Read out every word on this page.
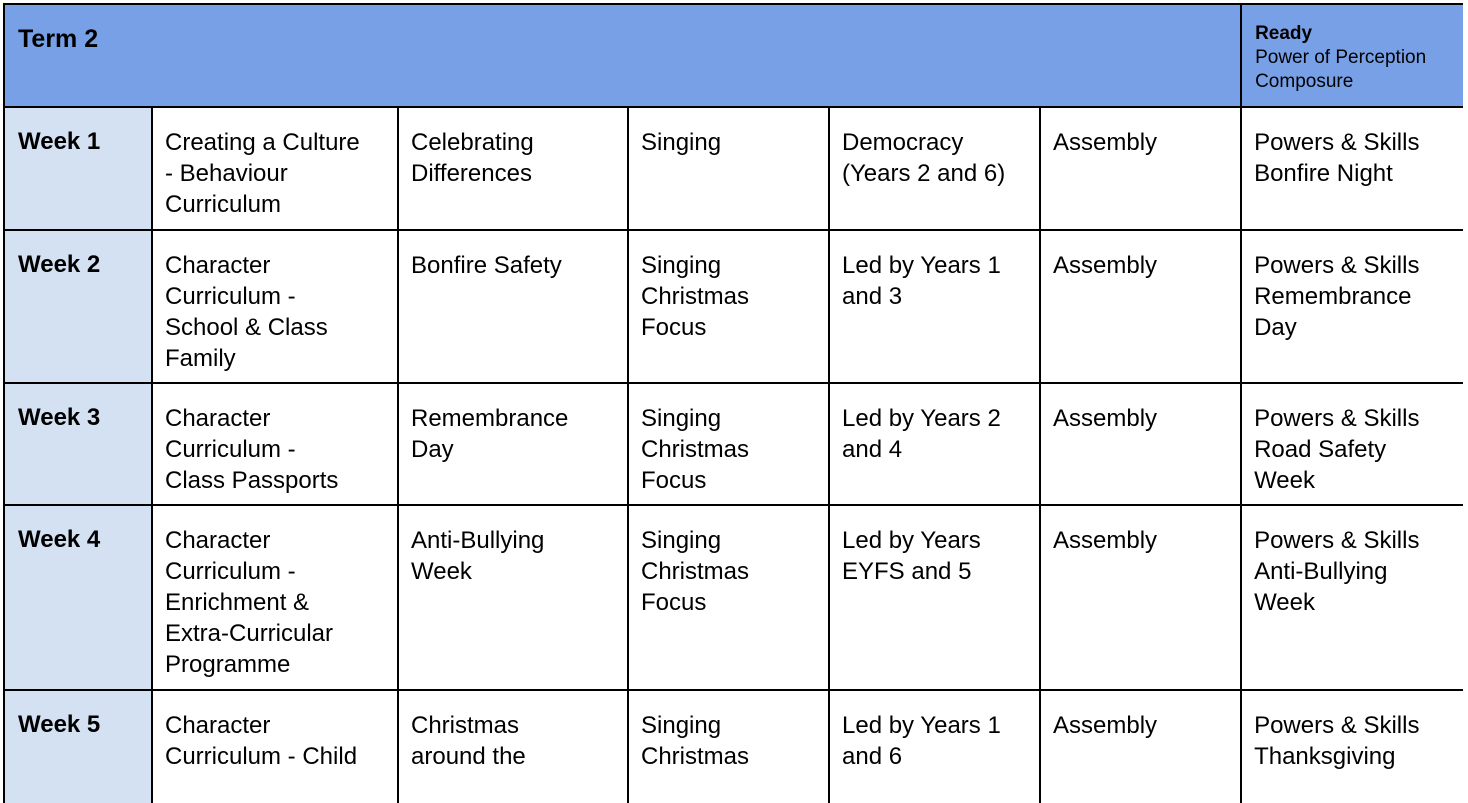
Term 2						Ready
Power of Perception
Composure

Week 1	Creating a Culture
- Behaviour
Curriculum	Celebrating
Differences	Singing	Democracy
(Years 2 and 6)	Assembly	Powers & Skills
Bonfire Night

Week 2	Character
Curriculum -
School & Class
Family	Bonfire Safety	Singing
Christmas
Focus	Led by Years 1
and 3	Assembly	Powers & Skills
Remembrance
Day

Week 3	Character
Curriculum -
Class Passports	Remembrance
Day	Singing
Christmas
Focus	Led by Years 2
and 4	Assembly	Powers & Skills
Road Safety
Week

Week 4	Character
Curriculum -
Enrichment &
Extra-Curricular
Programme	Anti-Bullying
Week	Singing
Christmas
Focus	Led by Years
EYFS and 5	Assembly	Powers & Skills
Anti-Bullying
Week

Week 5	Character
Curriculum - Child	Christmas
around the	Singing
Christmas	Led by Years 1
and 6	Assembly	Powers & Skills
Thanksgiving
